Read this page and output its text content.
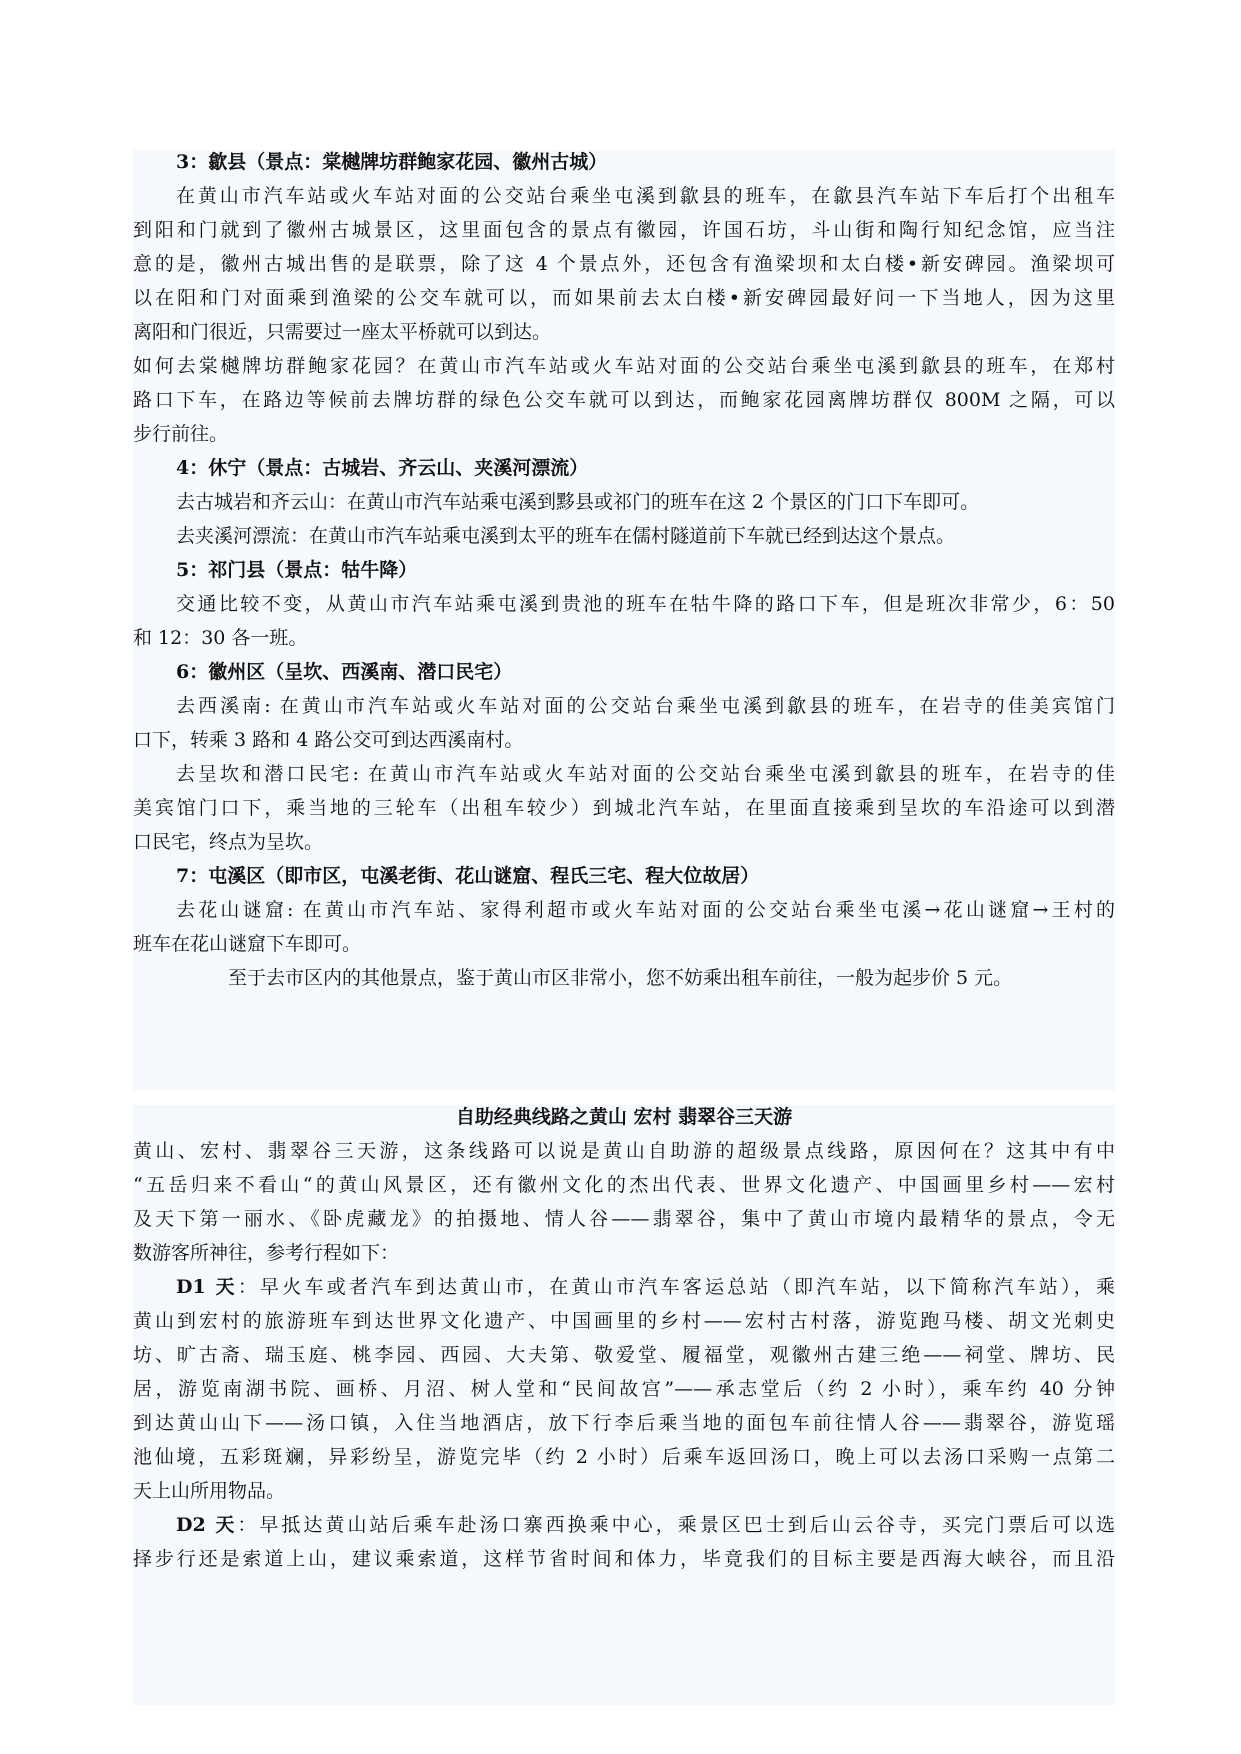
3：歙县（景点：棠樾牌坊群鲍家花园、徽州古城）
在黄山市汽车站或火车站对面的公交站台乘坐屯溪到歙县的班车，在歙县汽车站下车后打个出租车
到阳和门就到了徽州古城景区，这里面包含的景点有徽园，许国石坊，斗山街和陶行知纪念馆，应当注
意的是，徽州古城出售的是联票，除了这 4 个景点外，还包含有渔梁坝和太白楼•新安碑园。渔梁坝可
以在阳和门对面乘到渔梁的公交车就可以，而如果前去太白楼•新安碑园最好问一下当地人，因为这里
离阳和门很近，只需要过一座太平桥就可以到达。
如何去棠樾牌坊群鲍家花园？在黄山市汽车站或火车站对面的公交站台乘坐屯溪到歙县的班车，在郑村
路口下车，在路边等候前去牌坊群的绿色公交车就可以到达，而鲍家花园离牌坊群仅 800M 之隔，可以
步行前往。
4：休宁（景点：古城岩、齐云山、夹溪河漂流）
去古城岩和齐云山：在黄山市汽车站乘屯溪到黟县或祁门的班车在这 2 个景区的门口下车即可。
去夹溪河漂流：在黄山市汽车站乘屯溪到太平的班车在儒村隧道前下车就已经到达这个景点。
5：祁门县（景点：牯牛降）
交通比较不变，从黄山市汽车站乘屯溪到贵池的班车在牯牛降的路口下车，但是班次非常少，6：50
和 12：30 各一班。
6：徽州区（呈坎、西溪南、潜口民宅）
去西溪南: 在黄山市汽车站或火车站对面的公交站台乘坐屯溪到歙县的班车，在岩寺的佳美宾馆门
口下，转乘 3 路和 4 路公交可到达西溪南村。
去呈坎和潜口民宅: 在黄山市汽车站或火车站对面的公交站台乘坐屯溪到歙县的班车，在岩寺的佳
美宾馆门口下，乘当地的三轮车（出租车较少）到城北汽车站，在里面直接乘到呈坎的车沿途可以到潜
口民宅，终点为呈坎。
7：屯溪区（即市区，屯溪老街、花山谜窟、程氏三宅、程大位故居）
去花山谜窟: 在黄山市汽车站、家得利超市或火车站对面的公交站台乘坐屯溪→花山谜窟→王村的
班车在花山谜窟下车即可。
至于去市区内的其他景点，鉴于黄山市区非常小，您不妨乘出租车前往，一般为起步价 5 元。
自助经典线路之黄山 宏村 翡翠谷三天游
黄山、宏村、翡翠谷三天游，这条线路可以说是黄山自助游的超级景点线路，原因何在？这其中有中
“五岳归来不看山“的黄山风景区，还有徽州文化的杰出代表、世界文化遗产、中国画里乡村——宏村
及天下第一丽水、《卧虎藏龙》的拍摄地、情人谷——翡翠谷，集中了黄山市境内最精华的景点，令无
数游客所神往，参考行程如下：
D1 天：早火车或者汽车到达黄山市，在黄山市汽车客运总站（即汽车站，以下简称汽车站），乘
黄山到宏村的旅游班车到达世界文化遗产、中国画里的乡村——宏村古村落，游览跑马楼、胡文光刺史
坊、旷古斋、瑞玉庭、桃李园、西园、大夫第、敬爱堂、履福堂，观徽州古建三绝——祠堂、牌坊、民
居，游览南湖书院、画桥、月沼、树人堂和“民间故宫”——承志堂后（约 2 小时），乘车约 40 分钟
到达黄山山下——汤口镇，入住当地酒店，放下行李后乘当地的面包车前往情人谷——翡翠谷，游览瑶
池仙境，五彩斑斓，异彩纷呈，游览完毕（约 2 小时）后乘车返回汤口，晚上可以去汤口采购一点第二
天上山所用物品。
D2 天：早抵达黄山站后乘车赴汤口寨西换乘中心，乘景区巴士到后山云谷寺，买完门票后可以选
择步行还是索道上山，建议乘索道，这样节省时间和体力，毕竟我们的目标主要是西海大峡谷，而且沿
